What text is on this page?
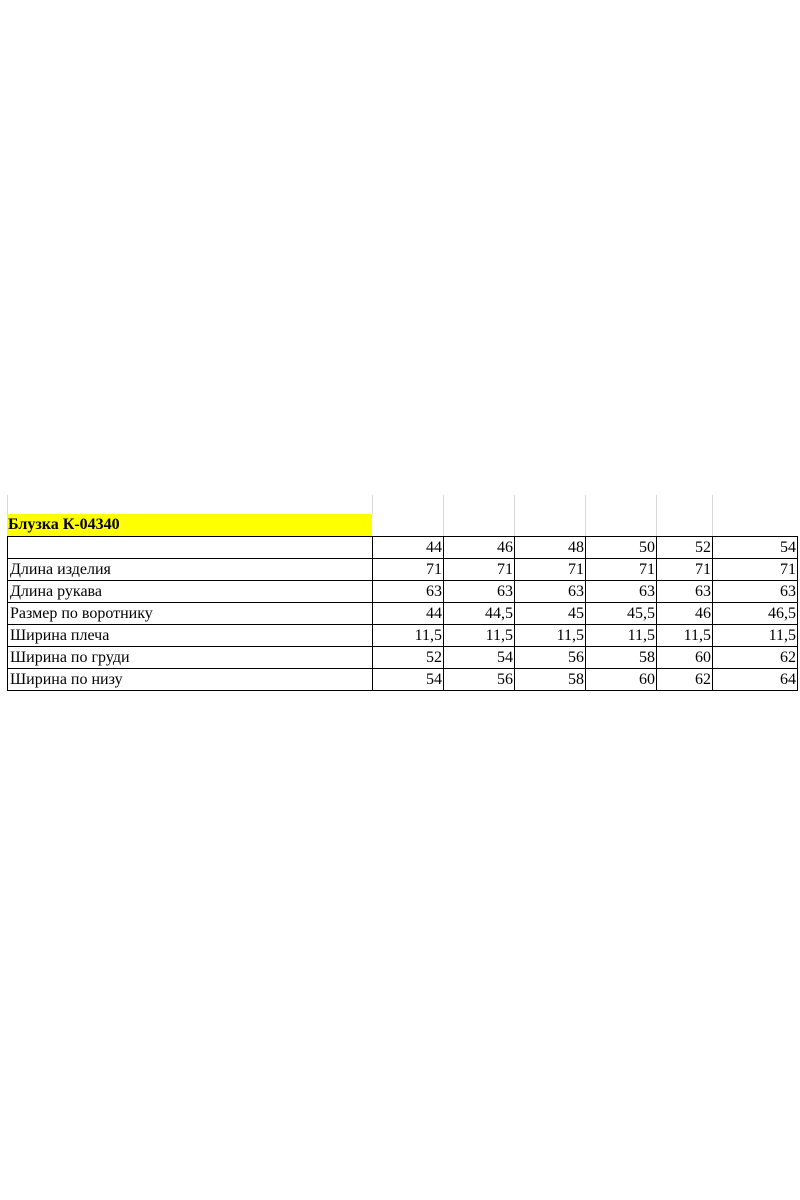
Блузка К-04340
	44	46	48	50	52	54
Длина изделия	71	71	71	71	71	71
Длина рукава	63	63	63	63	63	63
Размер по воротнику	44	44,5	45	45,5	46	46,5
Ширина плеча	11,5	11,5	11,5	11,5	11,5	11,5
Ширина по груди	52	54	56	58	60	62
Ширина по низу	54	56	58	60	62	64
